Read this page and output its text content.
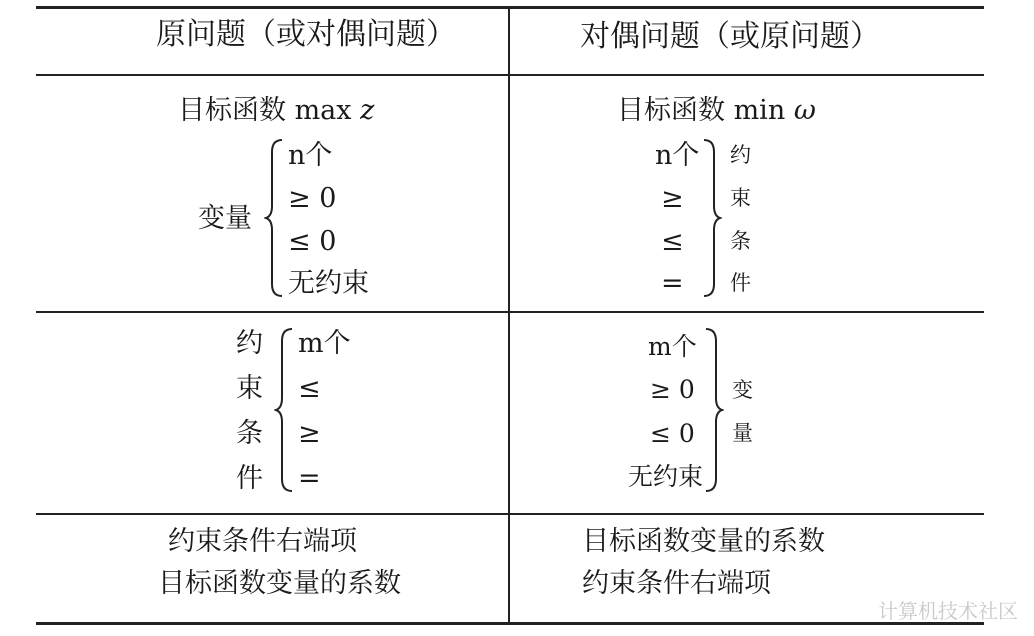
原问题（或对偶问题）	对偶问题（或原问题）
目标函数 max z
变量
n个
≥ 0
≤ 0
无约束
目标函数 min ω
n个
≥
≤
=
约
束
条
件
约
束
条
件
m个
≤
≥
=
m个
≥ 0
≤ 0
无约束
变
量
约束条件右端项
目标函数变量的系数
目标函数变量的系数
约束条件右端项
计算机技术社区
